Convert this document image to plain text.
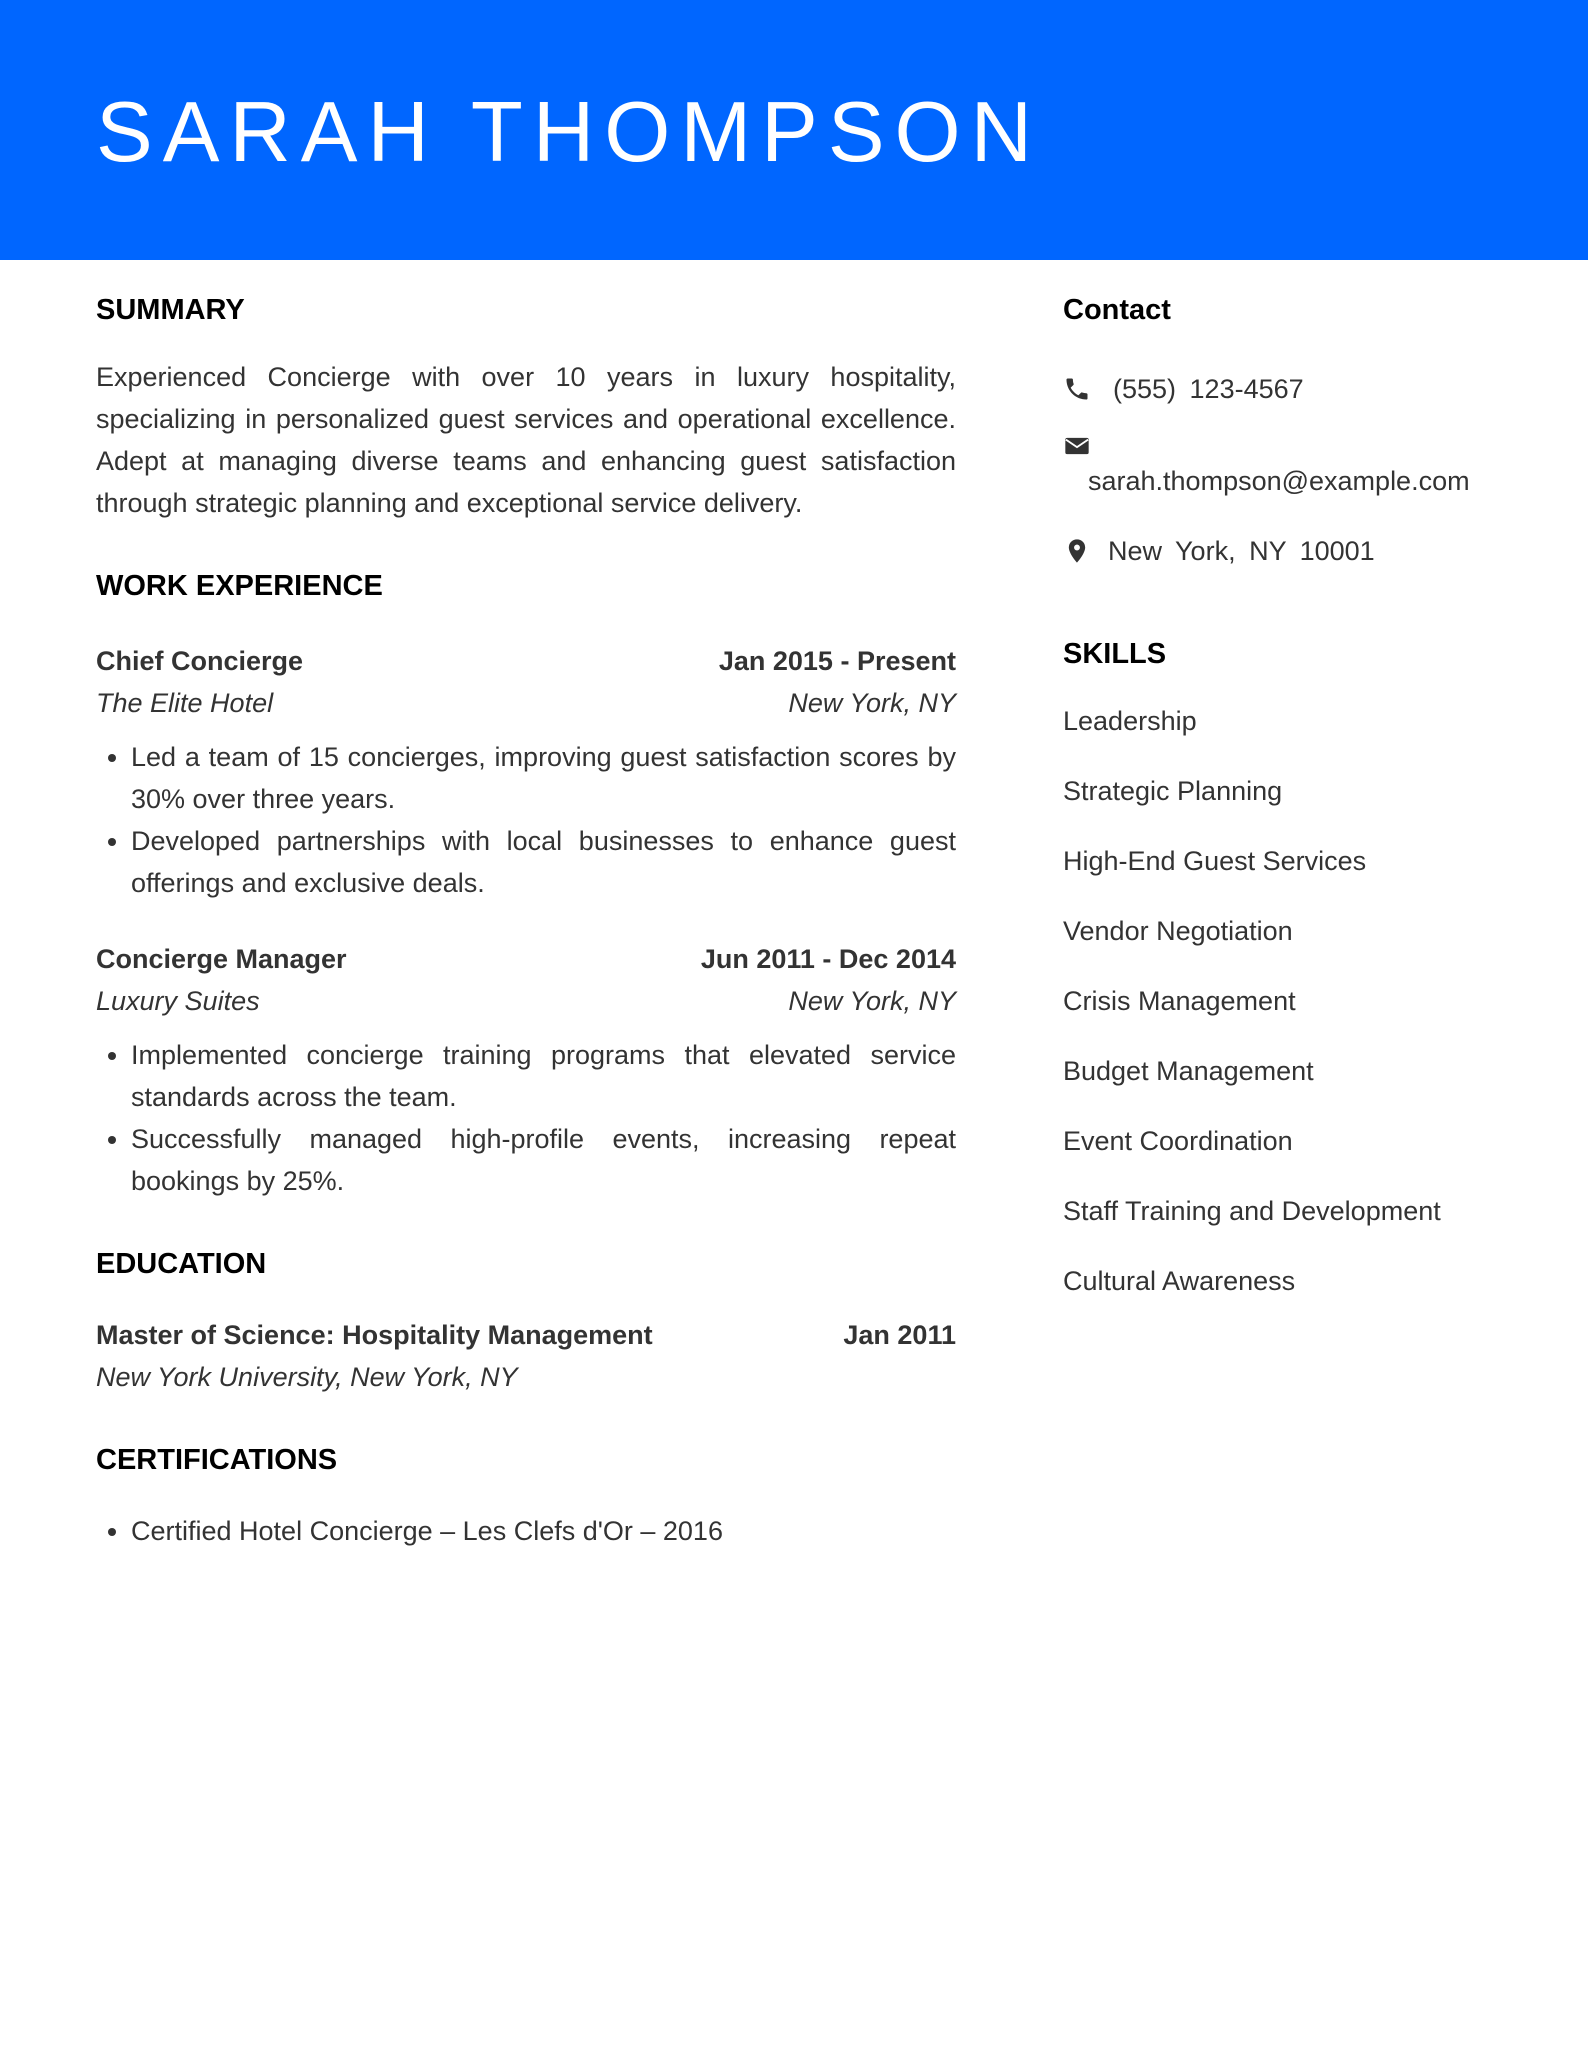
SARAH THOMPSON
SUMMARY

Experienced Concierge with over 10 years in luxury hospitality, specializing in personalized guest services and operational excellence. Adept at managing diverse teams and enhancing guest satisfaction through strategic planning and exceptional service delivery.

WORK EXPERIENCE
Chief Concierge	Jan 2015 - Present
The Elite Hotel	New York, NY
• Led a team of 15 concierges, improving guest satisfaction scores by 30% over three years.
• Developed partnerships with local businesses to enhance guest offerings and exclusive deals.
Concierge Manager	Jun 2011 - Dec 2014
Luxury Suites	New York, NY
• Implemented concierge training programs that elevated service standards across the team.
• Successfully managed high-profile events, increasing repeat bookings by 25%.
EDUCATION
Master of Science: Hospitality Management	Jan 2011
New York University, New York, NY
CERTIFICATIONS
• Certified Hotel Concierge – Les Clefs d'Or – 2016
Contact
(555) 123-4567
sarah.thompson@example.com
New York, NY 10001
SKILLS
Leadership
Strategic Planning
High-End Guest Services
Vendor Negotiation
Crisis Management
Budget Management
Event Coordination
Staff Training and Development
Cultural Awareness
